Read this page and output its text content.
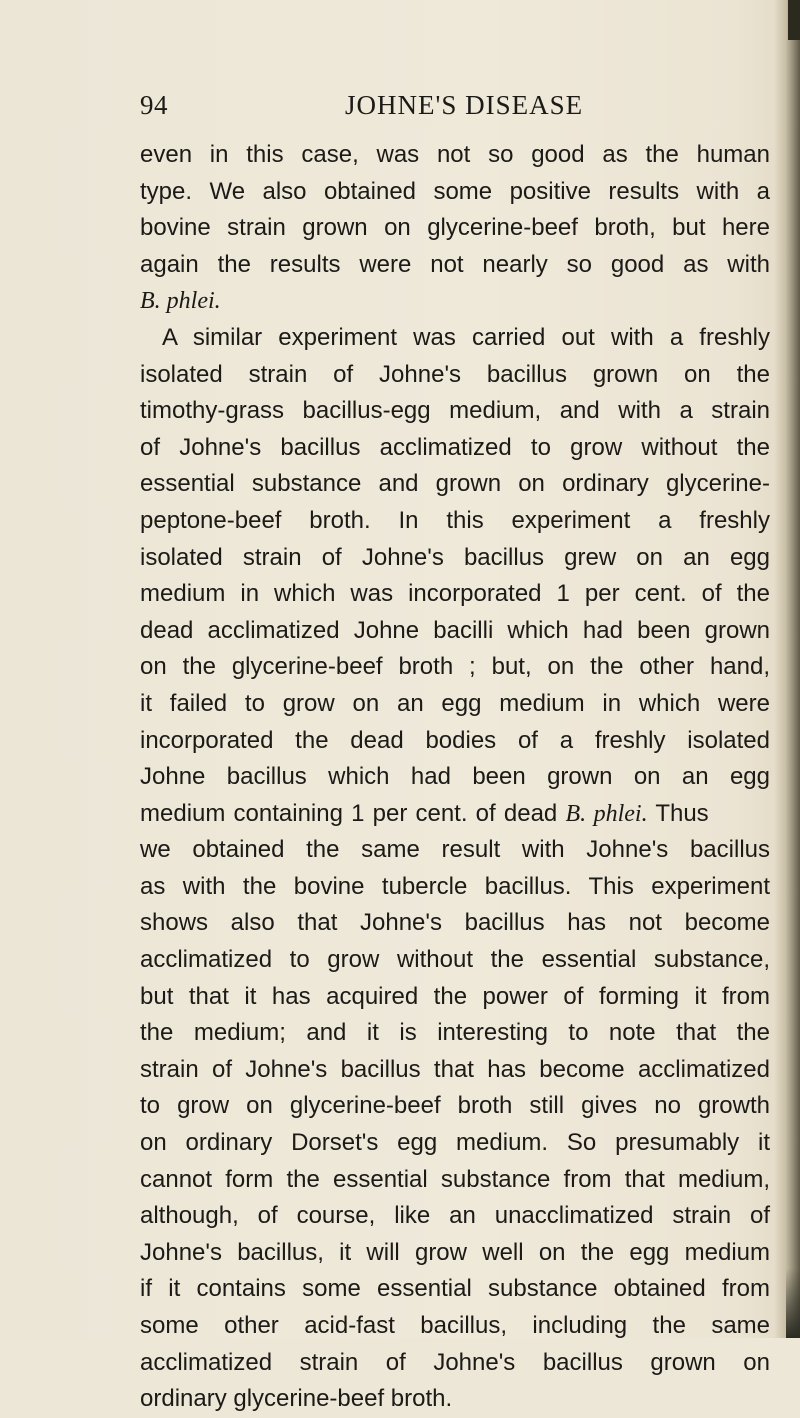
94	JOHNE'S DISEASE
even in this case, was not so good as the human
type. We also obtained some positive results with a
bovine strain grown on glycerine-beef broth, but here
again the results were not nearly so good as with
B. phlei.
A similar experiment was carried out with a freshly
isolated strain of Johne's bacillus grown on the
timothy-grass bacillus-egg medium, and with a strain
of Johne's bacillus acclimatized to grow without the
essential substance and grown on ordinary glycerine-
peptone-beef broth. In this experiment a freshly
isolated strain of Johne's bacillus grew on an egg
medium in which was incorporated 1 per cent. of the
dead acclimatized Johne bacilli which had been grown
on the glycerine-beef broth ; but, on the other hand,
it failed to grow on an egg medium in which were
incorporated the dead bodies of a freshly isolated
Johne bacillus which had been grown on an egg
medium containing 1 per cent. of dead B. phlei. Thus
we obtained the same result with Johne's bacillus
as with the bovine tubercle bacillus. This experiment
shows also that Johne's bacillus has not become
acclimatized to grow without the essential substance,
but that it has acquired the power of forming it from
the medium; and it is interesting to note that the
strain of Johne's bacillus that has become acclimatized
to grow on glycerine-beef broth still gives no growth
on ordinary Dorset's egg medium. So presumably it
cannot form the essential substance from that medium,
although, of course, like an unacclimatized strain of
Johne's bacillus, it will grow well on the egg medium
if it contains some essential substance obtained from
some other acid-fast bacillus, including the same
acclimatized strain of Johne's bacillus grown on
ordinary glycerine-beef broth.
